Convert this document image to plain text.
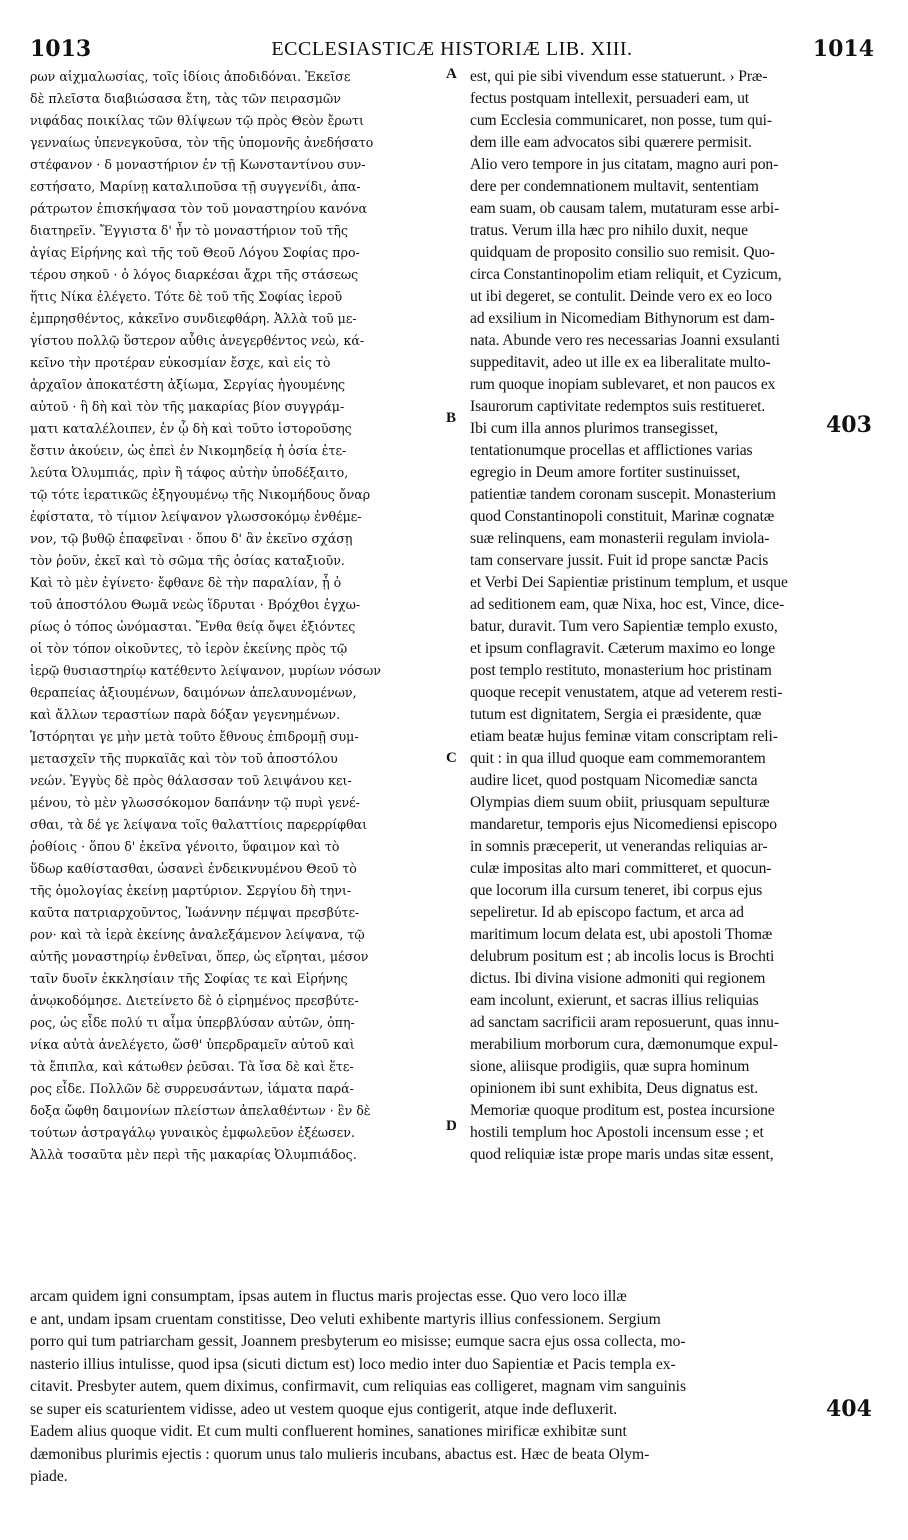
1013	ECCLESIASTICÆ HISTORIÆ LIB. XIII.	1014
ρων αἰχμαλωσίας, τοῖς ἰδίοις ἀποδιδόναι. Ἐκεῖσε
δὲ πλεῖστα διαβιώσασα ἔτη, τὰς τῶν πειρασμῶν
νιφάδας ποικίλας τῶν θλίψεων τῷ πρὸς Θεὸν ἔρωτι
γενναίως ὑπενεγκοῦσα, τὸν τῆς ὑπομονῆς ἀνεδήσατο
στέφανον · δ μοναστήριον ἐν τῇ Κωνσταντίνου συν-
εστήσατο, Μαρίνῃ καταλιποῦσα τῇ συγγενίδι, ἀπα-
ράτρωτον ἐπισκήψασα τὸν τοῦ μοναστηρίου κανόνα
διατηρεῖν. Ἔγγιστα δ' ἦν τὸ μοναστήριον τοῦ τῆς
ἁγίας Εἰρήνης καὶ τῆς τοῦ Θεοῦ Λόγου Σοφίας προ-
τέρου σηκοῦ · ὁ λόγος διαρκέσαι ἄχρι τῆς στάσεως
ἥτις Νίκα ἐλέγετο. Τότε δὲ τοῦ τῆς Σοφίας ἱεροῦ
ἐμπρησθέντος, κἀκεῖνο συνδιεφθάρη. Ἀλλὰ τοῦ με-
γίστου πολλῷ ὕστερον αὖθις ἀνεγερθέντος νεὼ, κά-
κεῖνο τὴν προτέραν εὐκοσμίαν ἔσχε, καὶ εἰς τὸ
ἀρχαῖον ἀποκατέστη ἀξίωμα, Σεργίας ἡγουμένης
αὐτοῦ · ἣ δὴ καὶ τὸν τῆς μακαρίας βίον συγγράμ-
ματι καταλέλοιπεν, ἐν ᾧ δὴ καὶ τοῦτο ἱστοροῦσης
ἔστιν ἀκούειν, ὡς ἐπεὶ ἐν Νικομηδείᾳ ἡ ὁσία ἐτε-
λεύτα Ὀλυμπιάς, πρὶν ἢ τάφος αὐτὴν ὑποδέξαιτο,
τῷ τότε ἱερατικῶς ἐξηγουμένῳ τῆς Νικομήδους ὄναρ
ἐφίστατα, τὸ τίμιον λείψανον γλωσσοκόμῳ ἐνθέμε-
νον, τῷ βυθῷ ἐπαφεῖναι · ὅπου δ' ἂν ἐκεῖνο σχάσῃ
τὸν ῥοῦν, ἐκεῖ καὶ τὸ σῶμα τῆς ὁσίας καταξιοῦν.
Καὶ τὸ μὲν ἐγίνετο· ἔφθανε δὲ τὴν παραλίαν, ᾗ ὁ
τοῦ ἀποστόλου Θωμᾶ νεὼς ἵδρυται · Βρόχθοι ἐγχω-
ρίως ὁ τόπος ὠνόμασται. Ἔνθα θείᾳ ὄψει ἐξιόντες
οἱ τὸν τόπον οἰκοῦντες, τὸ ἱερὸν ἐκείνης πρὸς τῷ
ἱερῷ θυσιαστηρίῳ κατέθεντο λείψανον, μυρίων νόσων
θεραπείας ἀξιουμένων, δαιμόνων ἀπελαυνομένων,
καὶ ἄλλων τεραστίων παρὰ δόξαν γεγενημένων.
Ἱστόρηται γε μὴν μετὰ τοῦτο ἔθνους ἐπιδρομῇ συμ-
μετασχεῖν τῆς πυρκαϊᾶς καὶ τὸν τοῦ ἀποστόλου
νεών. Ἐγγὺς δὲ πρὸς θάλασσαν τοῦ λειψάνου κει-
μένου, τὸ μὲν γλωσσόκομον δαπάνην τῷ πυρὶ γενέ-
σθαι, τὰ δέ γε λείψανα τοῖς θαλαττίοις παρερρίφθαι
ῥοθίοις · ὅπου δ' ἐκεῖνα γένοιτο, ὕφαιμον καὶ τὸ
ὕδωρ καθίστασθαι, ὡσανεὶ ἐνδεικνυμένου Θεοῦ τὸ
τῆς ὁμολογίας ἐκείνῃ μαρτύριον. Σεργίου δὴ τηνι-
καῦτα πατριαρχοῦντος, Ἰωάννην πέμψαι πρεσβύτε-
ρον· καὶ τὰ ἱερὰ ἐκείνης ἀναλεξάμενον λείψανα, τῷ
αὐτῆς μοναστηρίῳ ἐνθεῖναι, ὅπερ, ὡς εἴρηται, μέσον
ταῖν δυοῖν ἐκκλησίαιν τῆς Σοφίας τε καὶ Εἰρήνης
ἀνῳκοδόμησε. Διετείνετο δὲ ὁ εἰρημένος πρεσβύτε-
ρος, ὡς εἶδε πολύ τι αἷμα ὑπερβλύσαν αὐτῶν, ὁπη-
νίκα αὐτὰ ἀνελέγετο, ὥσθ' ὑπερδραμεῖν αὐτοῦ καὶ
τὰ ἔπιπλα, καὶ κάτωθεν ῥεῦσαι. Τὰ ἴσα δὲ καὶ ἕτε-
ρος εἶδε. Πολλῶν δὲ συρρευσάντων, ἰάματα παρά-
δοξα ὤφθη δαιμονίων πλείστων ἀπελαθέντων · ἓν δὲ
τούτων ἀστραγάλῳ γυναικὸς ἐμφωλεῦον ἐξέωσεν.
Ἀλλὰ τοσαῦτα μὲν περὶ τῆς μακαρίας Ὀλυμπιάδος.
est, qui pie sibi vivendum esse statuerunt. › Præ-
fectus postquam intellexit, persuaderi eam, ut
cum Ecclesia communicaret, non posse, tum qui-
dem ille eam advocatos sibi quærere permisit.
Alio vero tempore in jus citatam, magno auri pon-
dere per condemnationem multavit, sententiam
eam suam, ob causam talem, mutaturam esse arbi-
tratus. Verum illa hæc pro nihilo duxit, neque
quidquam de proposito consilio suo remisit. Quo-
circa Constantinopolim etiam reliquit, et Cyzicum,
ut ibi degeret, se contulit. Deinde vero ex eo loco
ad exsilium in Nicomediam Bithynorum est dam-
nata. Abunde vero res necessarias Joanni exsulanti
suppeditavit, adeo ut ille ex ea liberalitate multo-
rum quoque inopiam sublevaret, et non paucos ex
Isaurorum captivitate redemptos suis restitueret.
Ibi cum illa annos plurimos transegisset,
tentationumque procellas et afflictiones varias
egregio in Deum amore fortiter sustinuisset,
patientiæ tandem coronam suscepit. Monasterium
quod Constantinopoli constituit, Marinæ cognatæ
suæ relinquens, eam monasterii regulam inviola-
tam conservare jussit. Fuit id prope sanctæ Pacis
et Verbi Dei Sapientiæ pristinum templum, et usque
ad seditionem eam, quæ Nixa, hoc est, Vince, dice-
batur, duravit. Tum vero Sapientiæ templo exusto,
et ipsum conflagravit. Cæterum maximo eo longe
post templo restituto, monasterium hoc pristinam
quoque recepit venustatem, atque ad veterem resti-
tutum est dignitatem, Sergia ei præsidente, quæ
etiam beatæ hujus feminæ vitam conscriptam reli-
quit : in qua illud quoque eam commemorantem
audire licet, quod postquam Nicomediæ sancta
Olympias diem suum obiit, priusquam sepulturæ
mandaretur, temporis ejus Nicomediensi episcopo
in somnis præceperit, ut venerandas reliquias ar-
culæ impositas alto mari committeret, et quocun-
que locorum illa cursum teneret, ibi corpus ejus
sepeliretur. Id ab episcopo factum, et arca ad
maritimum locum delata est, ubi apostoli Thomæ
delubrum positum est ; ab incolis locus is Brochti
dictus. Ibi divina visione admoniti qui regionem
eam incolunt, exierunt, et sacras illius reliquias
ad sanctam sacrificii aram reposuerunt, quas innu-
merabilium morborum cura, dæmonumque expul-
sione, aliisque prodigiis, quæ supra hominum
opinionem ibi sunt exhibita, Deus dignatus est.
Memoriæ quoque proditum est, postea incursione
hostili templum hoc Apostoli incensum esse ; et
quod reliquiæ istæ prope maris undas sitæ essent,
arcam quidem igni consumptam, ipsas autem in fluctus maris projectas esse. Quo vero loco illæ
e ant, undam ipsam cruentam constitisse, Deo veluti exhibente martyris illius confessionem. Sergium
porro qui tum patriarcham gessit, Joannem presbyterum eo misisse; eumque sacra ejus ossa collecta, mo-
nasterio illius intulisse, quod ipsa (sicuti dictum est) loco medio inter duo Sapientiæ et Pacis templa ex-
citavit. Presbyter autem, quem diximus, confirmavit, cum reliquias eas colligeret, magnam vim sanguinis
se super eis scaturientem vidisse, adeo ut vestem quoque ejus contigerit, atque inde defluxerit.
Eadem alius quoque vidit. Et cum multi confluerent homines, sanationes mirificæ exhibitæ sunt
dæmonibus plurimis ejectis : quorum unus talo mulieris incubans, abactus est. Hæc de beata Olym-
piade.
A
B
C
D
403
404
